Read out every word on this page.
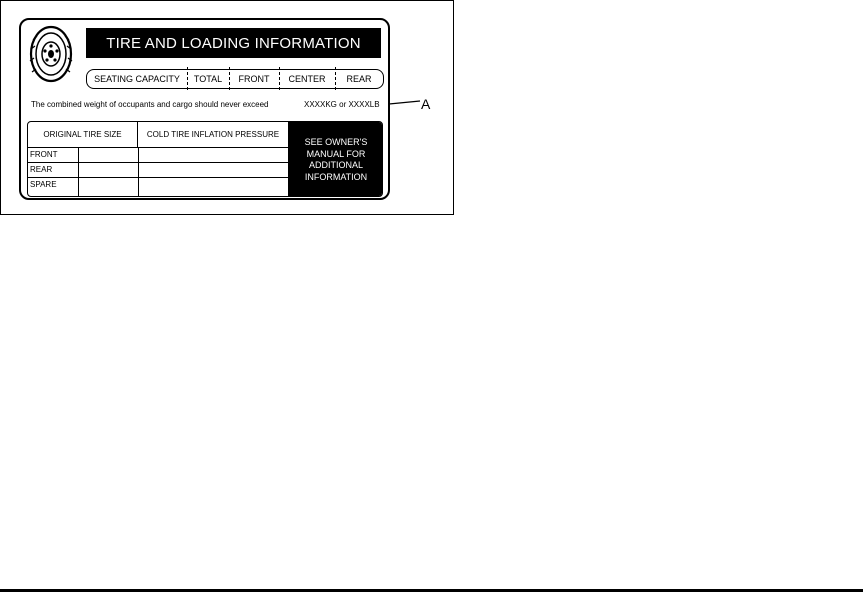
TIRE AND LOADING INFORMATION
SEATING CAPACITY	TOTAL	FRONT	CENTER	REAR
The combined weight of occupants and cargo should never exceed	XXXXKG or XXXXLB
ORIGINAL TIRE SIZE	COLD TIRE INFLATION PRESSURE
FRONT
REAR
SPARE
SEE OWNER'S
MANUAL FOR
ADDITIONAL
INFORMATION
A
